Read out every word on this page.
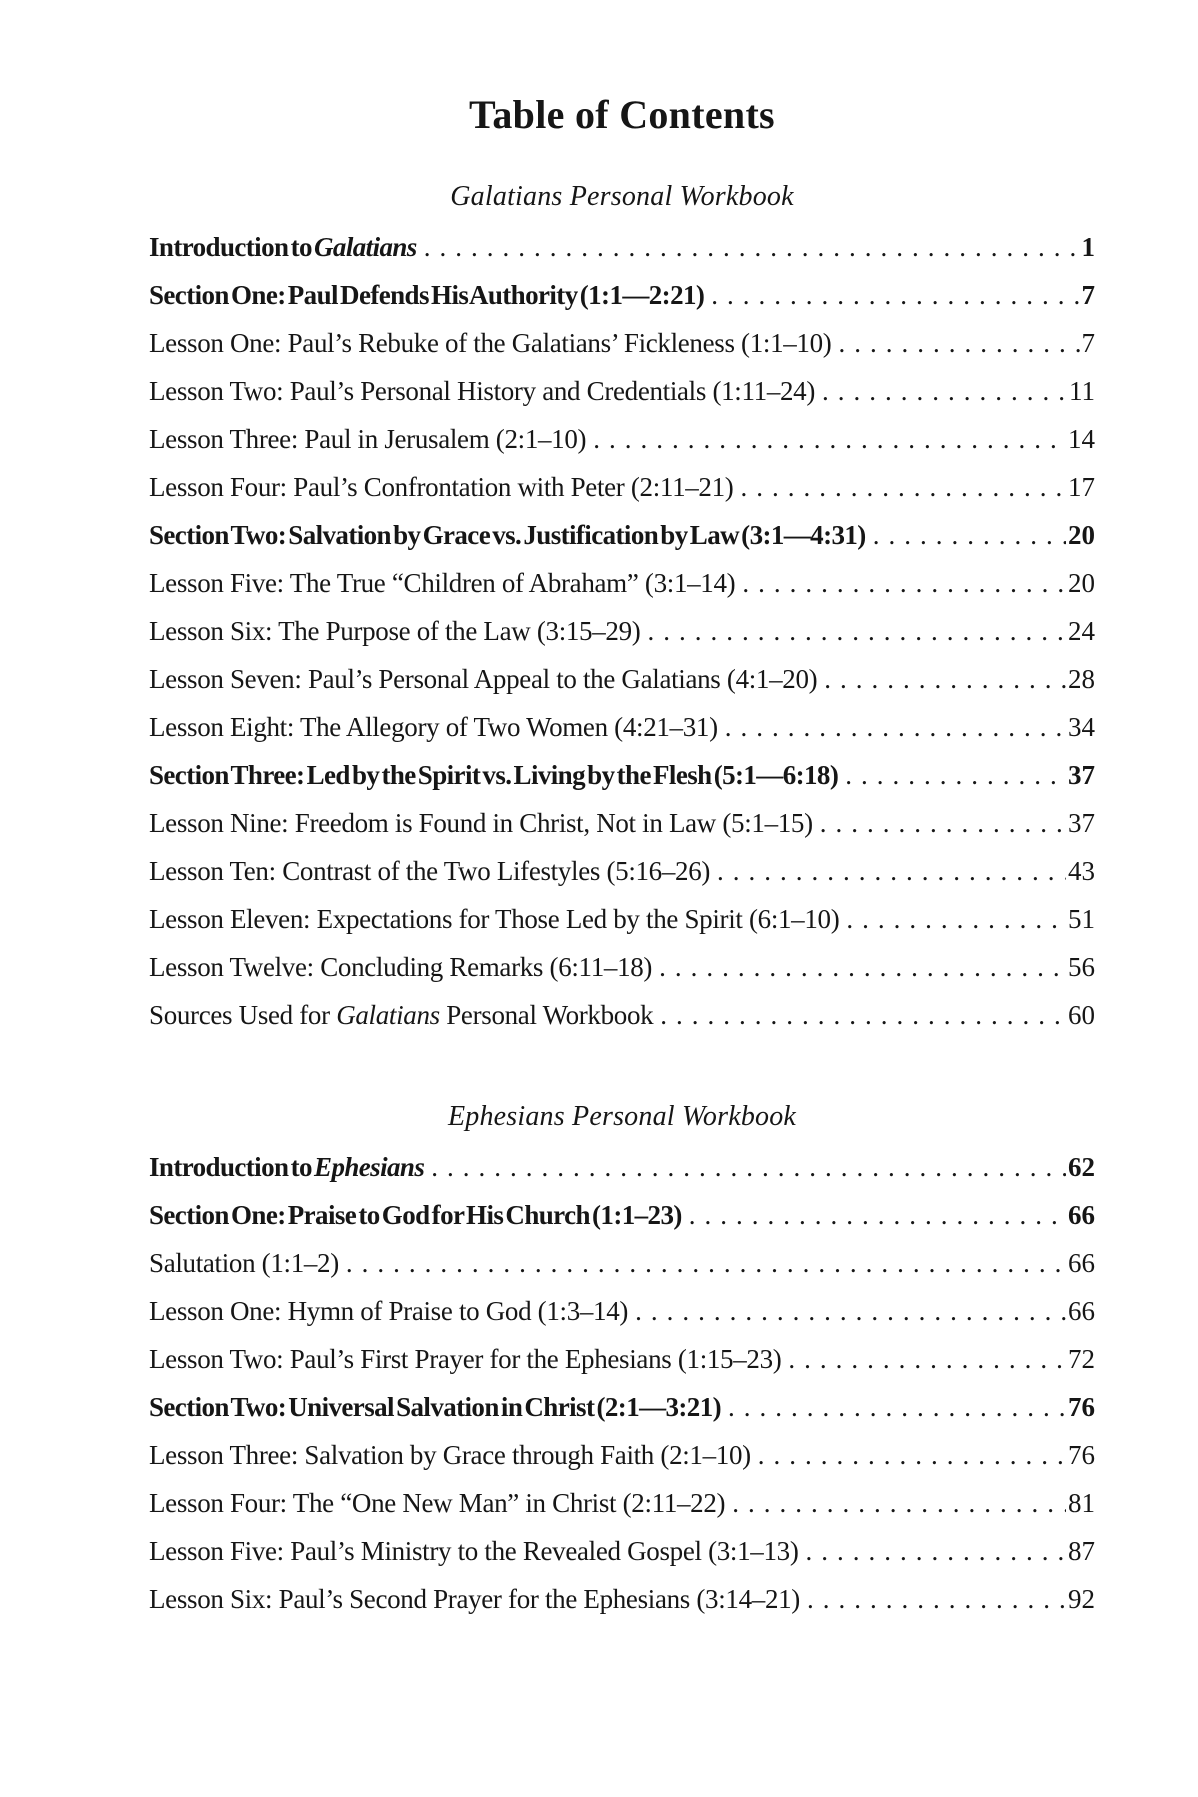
Table of Contents
Galatians Personal Workbook
Introduction to Galatians .....	1
Section One: Paul Defends His Authority (1:1—2:21) .....	7
Lesson One: Paul’s Rebuke of the Galatians’ Fickleness (1:1–10) .....	7
Lesson Two: Paul’s Personal History and Credentials (1:11–24) .....	11
Lesson Three: Paul in Jerusalem (2:1–10) .....	14
Lesson Four: Paul’s Confrontation with Peter (2:11–21) .....	17
Section Two: Salvation by Grace vs. Justification by Law (3:1—4:31) .....	20
Lesson Five: The True “Children of Abraham” (3:1–14) .....	20
Lesson Six: The Purpose of the Law (3:15–29) .....	24
Lesson Seven: Paul’s Personal Appeal to the Galatians (4:1–20) .....	28
Lesson Eight: The Allegory of Two Women (4:21–31) .....	34
Section Three: Led by the Spirit vs. Living by the Flesh (5:1—6:18) .....	37
Lesson Nine: Freedom is Found in Christ, Not in Law (5:1–15) .....	37
Lesson Ten: Contrast of the Two Lifestyles (5:16–26) .....	43
Lesson Eleven: Expectations for Those Led by the Spirit (6:1–10) .....	51
Lesson Twelve: Concluding Remarks (6:11–18) .....	56
Sources Used for Galatians Personal Workbook .....	60
Ephesians Personal Workbook
Introduction to Ephesians .....	62
Section One: Praise to God for His Church (1:1–23) .....	66
Salutation (1:1–2) .....	66
Lesson One: Hymn of Praise to God (1:3–14) .....	66
Lesson Two: Paul’s First Prayer for the Ephesians (1:15–23) .....	72
Section Two: Universal Salvation in Christ (2:1—3:21) .....	76
Lesson Three: Salvation by Grace through Faith (2:1–10) .....	76
Lesson Four: The “One New Man” in Christ (2:11–22) .....	81
Lesson Five: Paul’s Ministry to the Revealed Gospel (3:1–13) .....	87
Lesson Six: Paul’s Second Prayer for the Ephesians (3:14–21) .....	92
